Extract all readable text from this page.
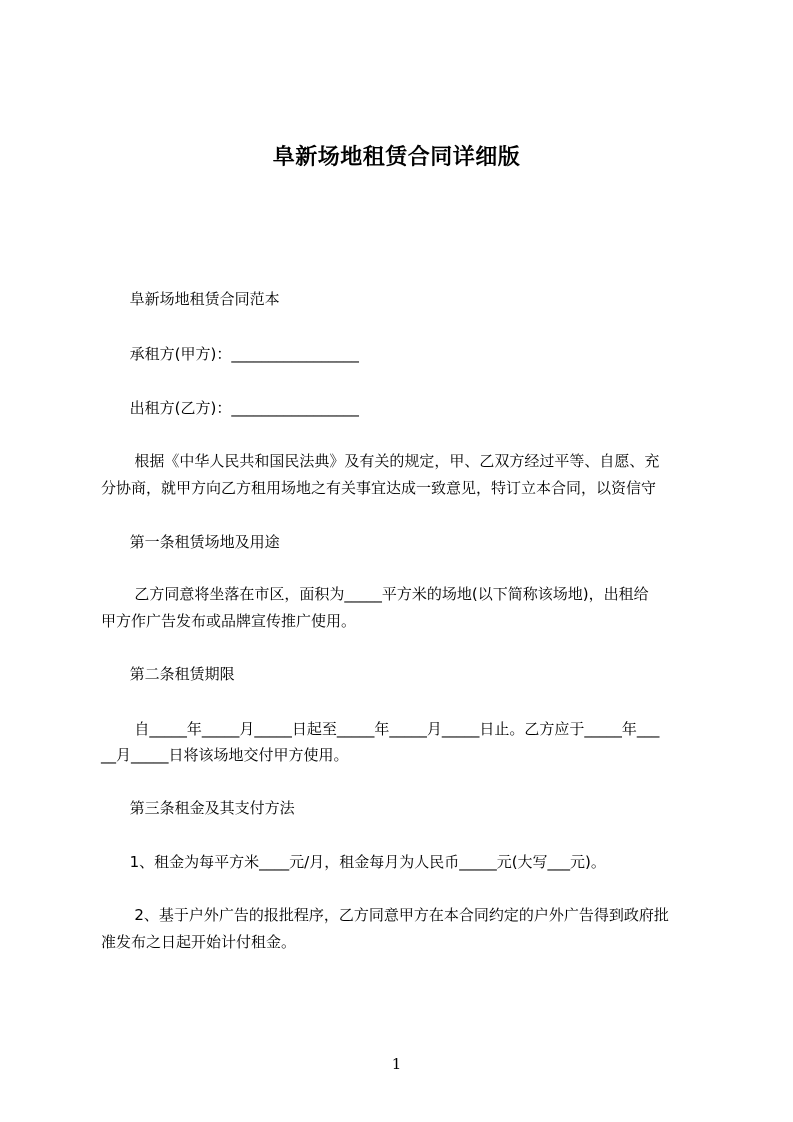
阜新场地租赁合同详细版
阜新场地租赁合同范本
承租方(甲方)：_________________
出租方(乙方)：_________________
根据《中华人民共和国民法典》及有关的规定，甲、乙双方经过平等、自愿、充
分协商，就甲方向乙方租用场地之有关事宜达成一致意见，特订立本合同，以资信守
第一条租赁场地及用途
乙方同意将坐落在市区，面积为_____平方米的场地(以下简称该场地)，出租给
甲方作广告发布或品牌宣传推广使用。
第二条租赁期限
自_____年_____月_____日起至_____年_____月_____日止。乙方应于_____年___
__月_____日将该场地交付甲方使用。
第三条租金及其支付方法
1、租金为每平方米____元/月，租金每月为人民币_____元(大写___元)。
2、基于户外广告的报批程序，乙方同意甲方在本合同约定的户外广告得到政府批
准发布之日起开始计付租金。
1
